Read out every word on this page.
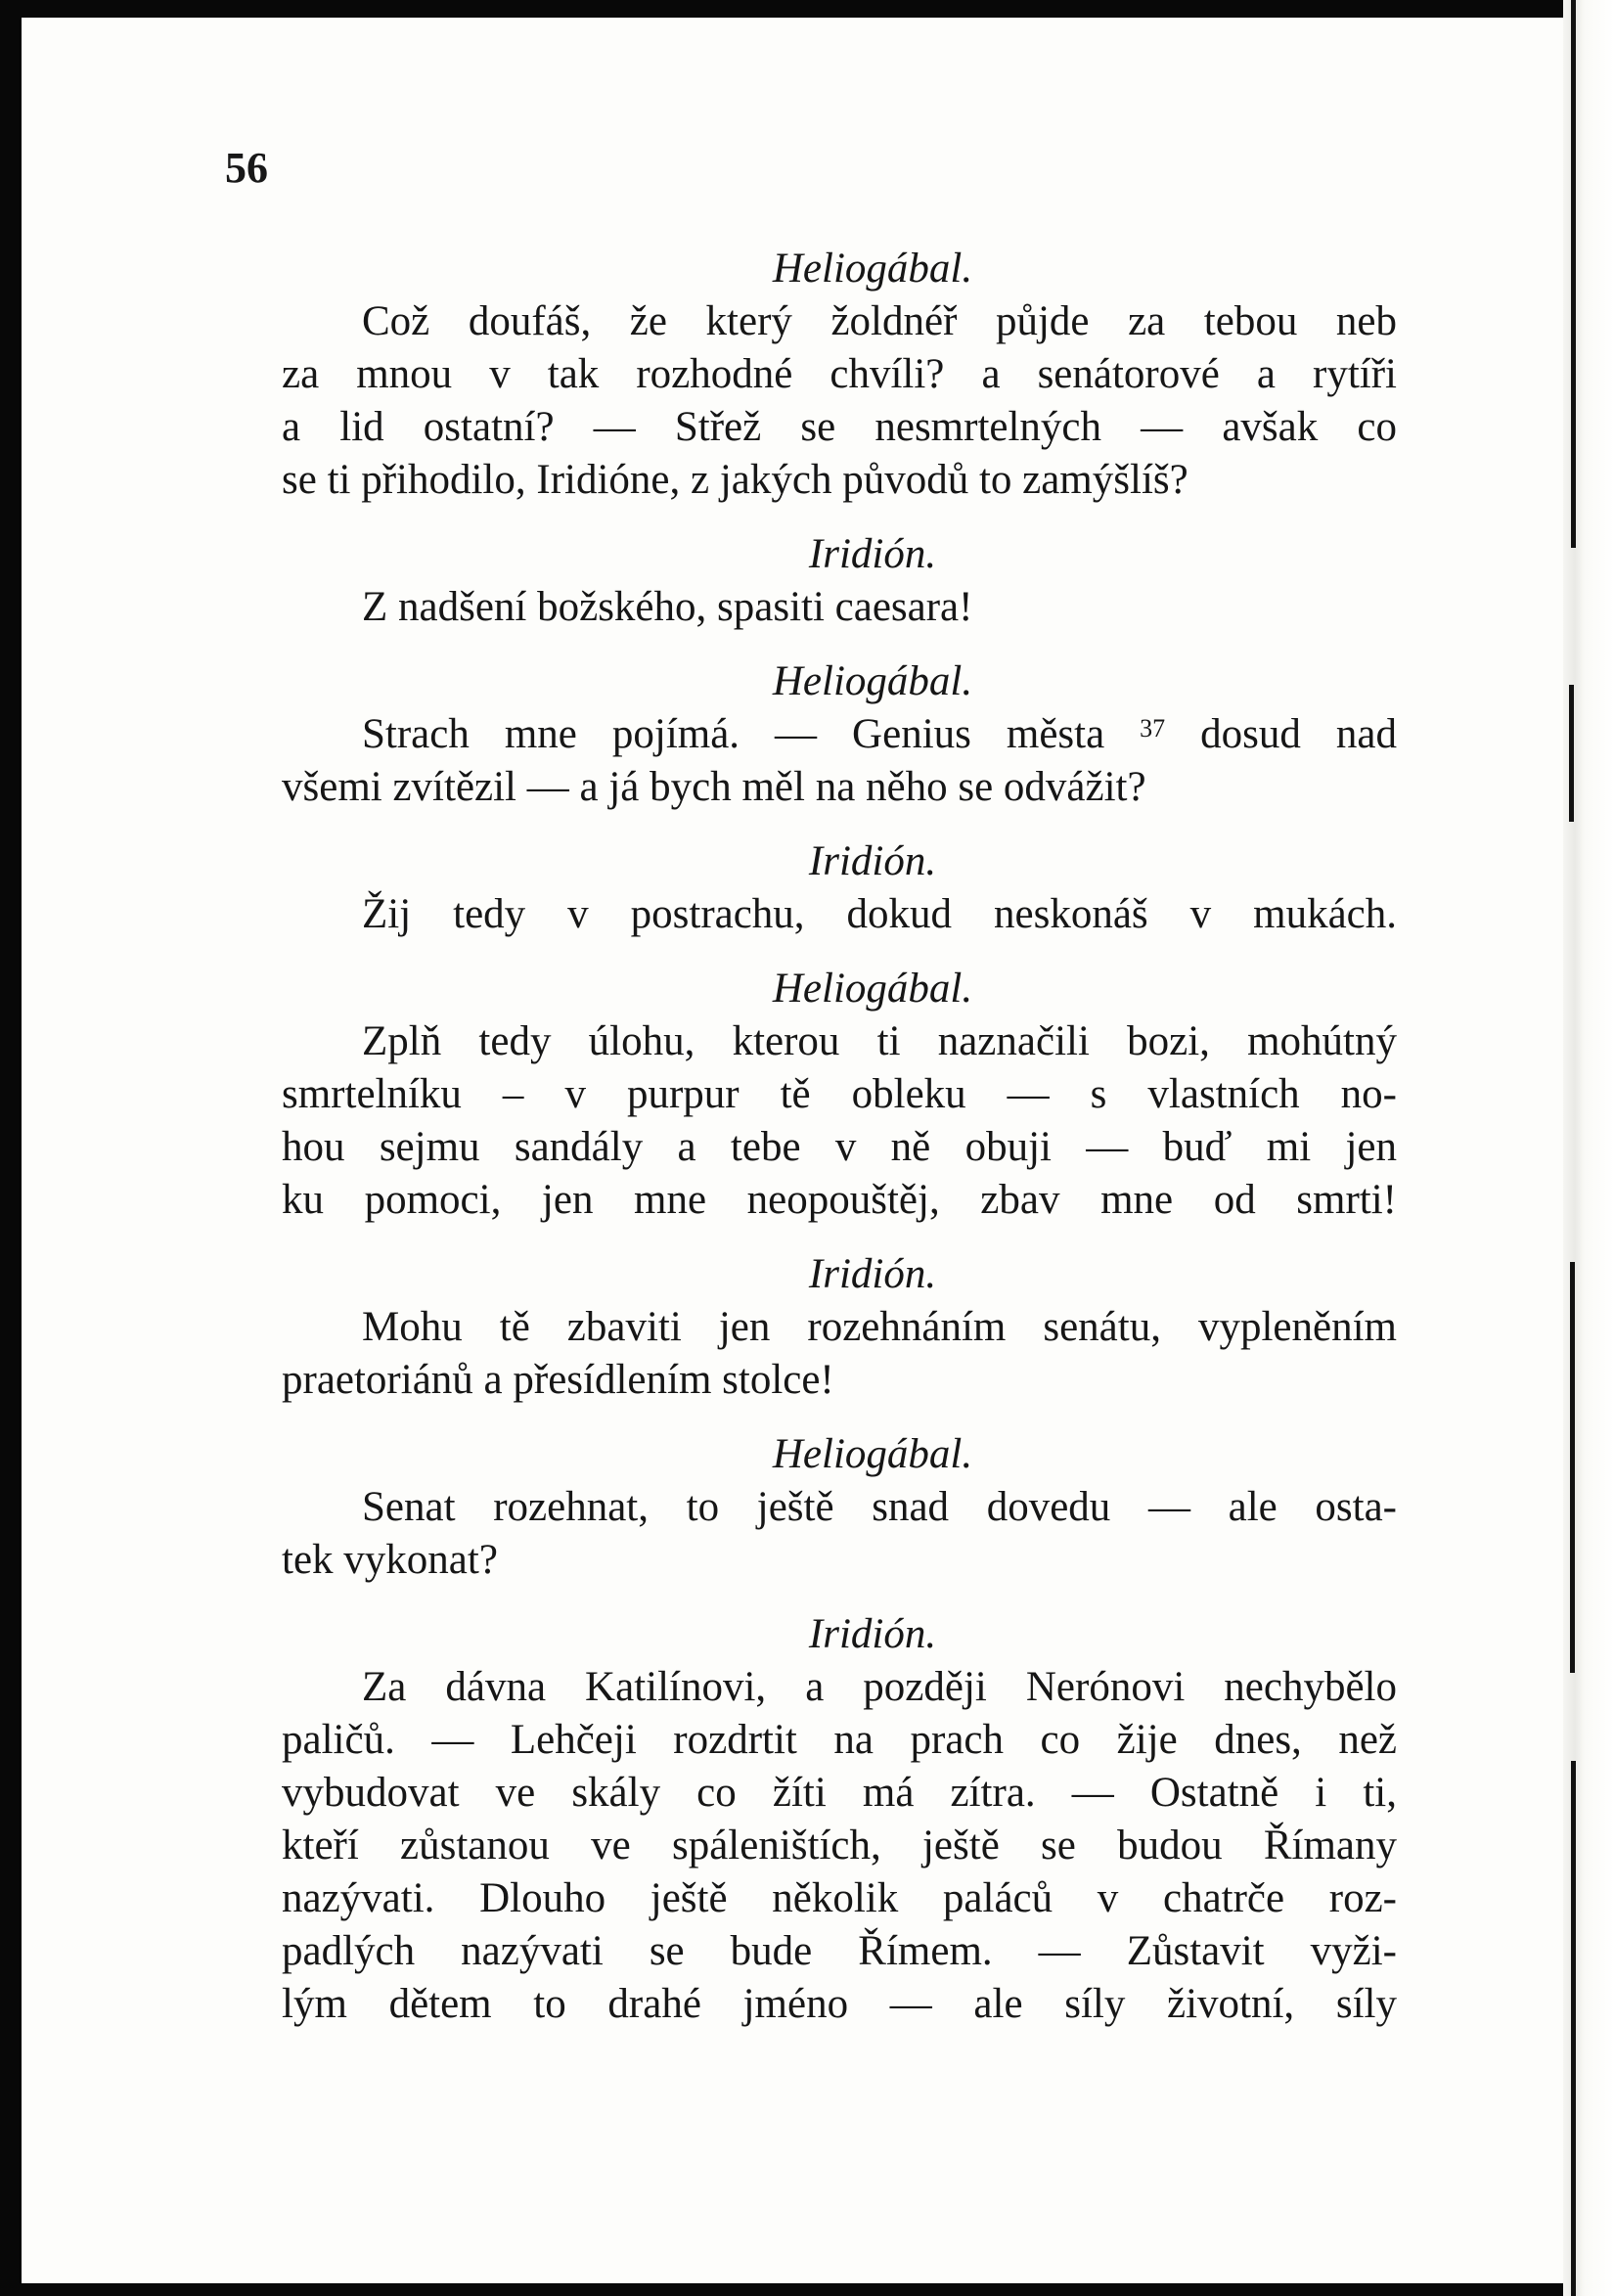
56

Heliogábal.

Což doufáš, že který žoldnéř půjde za tebou neb
za mnou v tak rozhodné chvíli? a senátorové a rytíři
a lid ostatní? — Střež se nesmrtelných — avšak co
se ti přihodilo, Iridióne, z jakých původů to zamýšlíš?

Iridión.

Z nadšení božského, spasiti caesara!

Heliogábal.

Strach mne pojímá. — Genius města $^{37}$ dosud nad
všemi zvítězil — a já bych měl na něho se odvážit?

Iridión.

Žij tedy v postrachu, dokud neskonáš v mukách.

Heliogábal.

Zplň tedy úlohu, kterou ti naznačili bozi, mohútný
smrtelníku – v purpur tě obleku — s vlastních no-
hou sejmu sandály a tebe v ně obuji — buď mi jen
ku pomoci, jen mne neopouštěj, zbav mne od smrti!

Iridión.

Mohu tě zbaviti jen rozehnáním senátu, vypleněním
praetoriánů a přesídlením stolce!

Heliogábal.

Senat rozehnat, to ještě snad dovedu — ale osta-
tek vykonat?

Iridión.

Za dávna Katilínovi, a později Nerónovi nechybělo
paličů. — Lehčeji rozdrtit na prach co žije dnes, než
vybudovat ve skály co žíti má zítra. — Ostatně i ti,
kteří zůstanou ve spáleništích, ještě se budou Římany
nazývati. Dlouho ještě několik paláců v chatrče roz-
padlých nazývati se bude Římem. — Zůstavit vyži-
lým dětem to drahé jméno — ale síly životní, síly
